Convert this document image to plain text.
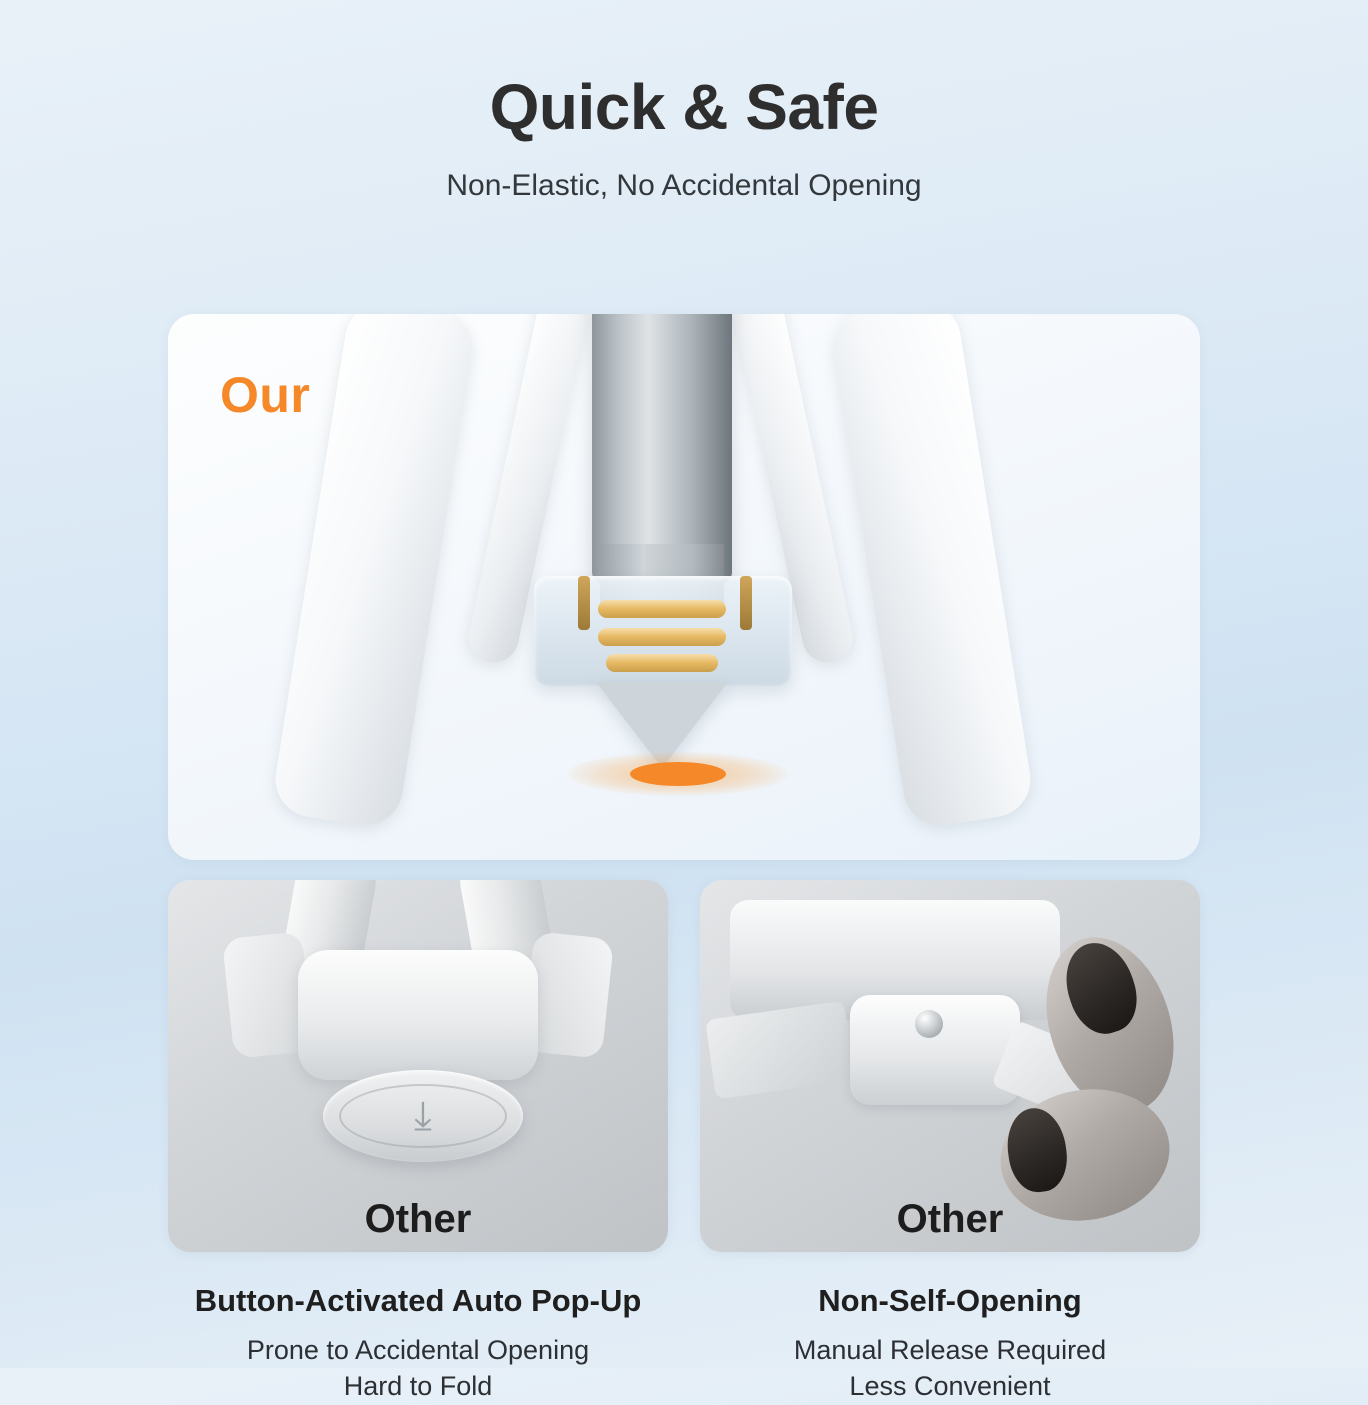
Quick & Safe
Non-Elastic, No Accidental Opening
Our
⤓
Other
Button-Activated Auto Pop-Up
Prone to Accidental Opening
Hard to Fold
Other
Non-Self-Opening
Manual Release Required
Less Convenient
